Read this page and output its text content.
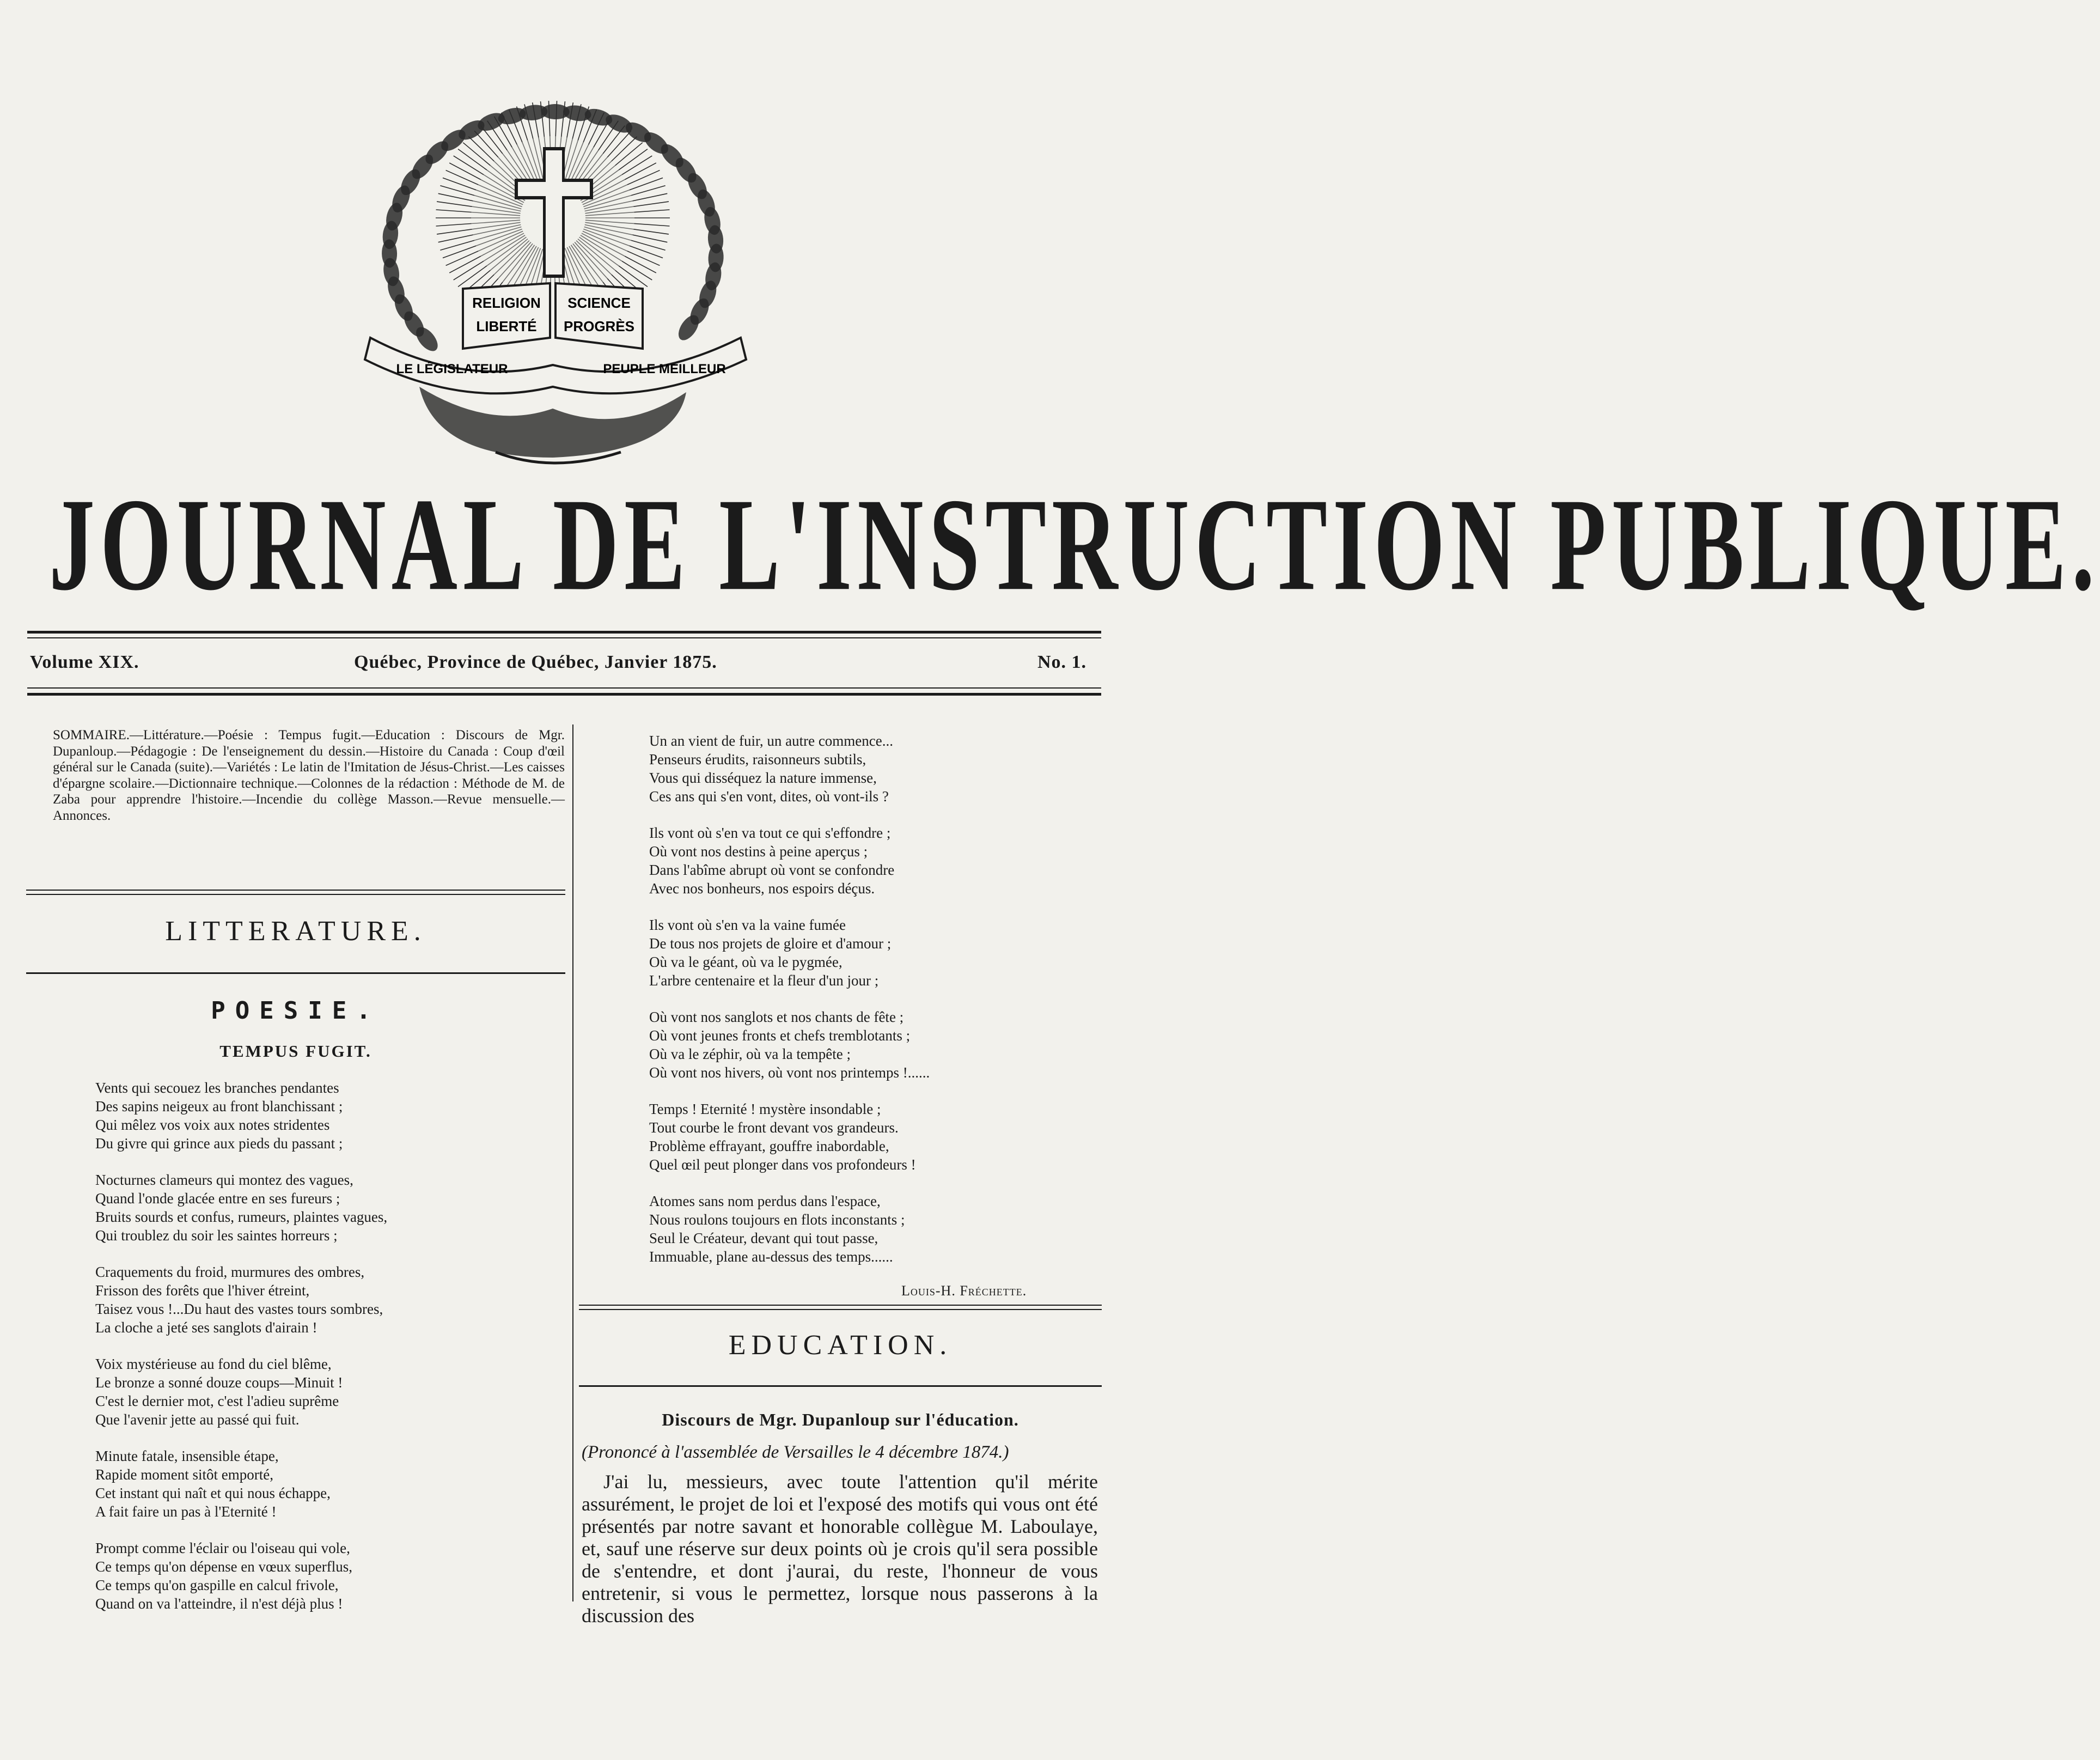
RELIGION
LIBERTÉ
SCIENCE
PROGRÈS
LE LÉGISLATEUR	PEUPLE MEILLEUR
JOURNAL DE L'INSTRUCTION PUBLIQUE.
Volume XIX.	Québec, Province de Québec, Janvier 1875.	No. 1.
SOMMAIRE.—Littérature.—Poésie : Tempus fugit.—Education : Discours de Mgr. Dupanloup.—Pédagogie : De l'enseignement du dessin.—Histoire du Canada : Coup d'œil général sur le Canada (suite).—Variétés : Le latin de l'Imitation de Jésus-Christ.—Les caisses d'épargne scolaire.—Dictionnaire technique.—Colonnes de la rédaction : Méthode de M. de Zaba pour apprendre l'histoire.—Incendie du collège Masson.—Revue mensuelle.—Annonces.
LITTERATURE.
POESIE.
TEMPUS FUGIT.
Vents qui secouez les branches pendantes
Des sapins neigeux au front blanchissant ;
Qui mêlez vos voix aux notes stridentes
Du givre qui grince aux pieds du passant ;
Nocturnes clameurs qui montez des vagues,
Quand l'onde glacée entre en ses fureurs ;
Bruits sourds et confus, rumeurs, plaintes vagues,
Qui troublez du soir les saintes horreurs ;
Craquements du froid, murmures des ombres,
Frisson des forêts que l'hiver étreint,
Taisez vous !...Du haut des vastes tours sombres,
La cloche a jeté ses sanglots d'airain !
Voix mystérieuse au fond du ciel blême,
Le bronze a sonné douze coups—Minuit !
C'est le dernier mot, c'est l'adieu suprême
Que l'avenir jette au passé qui fuit.
Minute fatale, insensible étape,
Rapide moment sitôt emporté,
Cet instant qui naît et qui nous échappe,
A fait faire un pas à l'Eternité !
Prompt comme l'éclair ou l'oiseau qui vole,
Ce temps qu'on dépense en vœux superflus,
Ce temps qu'on gaspille en calcul frivole,
Quand on va l'atteindre, il n'est déjà plus !
Un an vient de fuir, un autre commence...
Penseurs érudits, raisonneurs subtils,
Vous qui disséquez la nature immense,
Ces ans qui s'en vont, dites, où vont-ils ?
Ils vont où s'en va tout ce qui s'effondre ;
Où vont nos destins à peine aperçus ;
Dans l'abîme abrupt où vont se confondre
Avec nos bonheurs, nos espoirs déçus.
Ils vont où s'en va la vaine fumée
De tous nos projets de gloire et d'amour ;
Où va le géant, où va le pygmée,
L'arbre centenaire et la fleur d'un jour ;
Où vont nos sanglots et nos chants de fête ;
Où vont jeunes fronts et chefs tremblotants ;
Où va le zéphir, où va la tempête ;
Où vont nos hivers, où vont nos printemps !......
Temps ! Eternité ! mystère insondable ;
Tout courbe le front devant vos grandeurs.
Problème effrayant, gouffre inabordable,
Quel œil peut plonger dans vos profondeurs !
Atomes sans nom perdus dans l'espace,
Nous roulons toujours en flots inconstants ;
Seul le Créateur, devant qui tout passe,
Immuable, plane au-dessus des temps......
Louis-H. Fréchette.
EDUCATION.
Discours de Mgr. Dupanloup sur l'éducation.
(Prononcé à l'assemblée de Versailles le 4 décembre 1874.)
J'ai lu, messieurs, avec toute l'attention qu'il mérite assurément, le projet de loi et l'exposé des motifs qui vous ont été présentés par notre savant et honorable collègue M. Laboulaye, et, sauf une réserve sur deux points où je crois qu'il sera possible de s'entendre, et dont j'aurai, du reste, l'honneur de vous entretenir, si vous le permettez, lorsque nous passerons à la discussion des
